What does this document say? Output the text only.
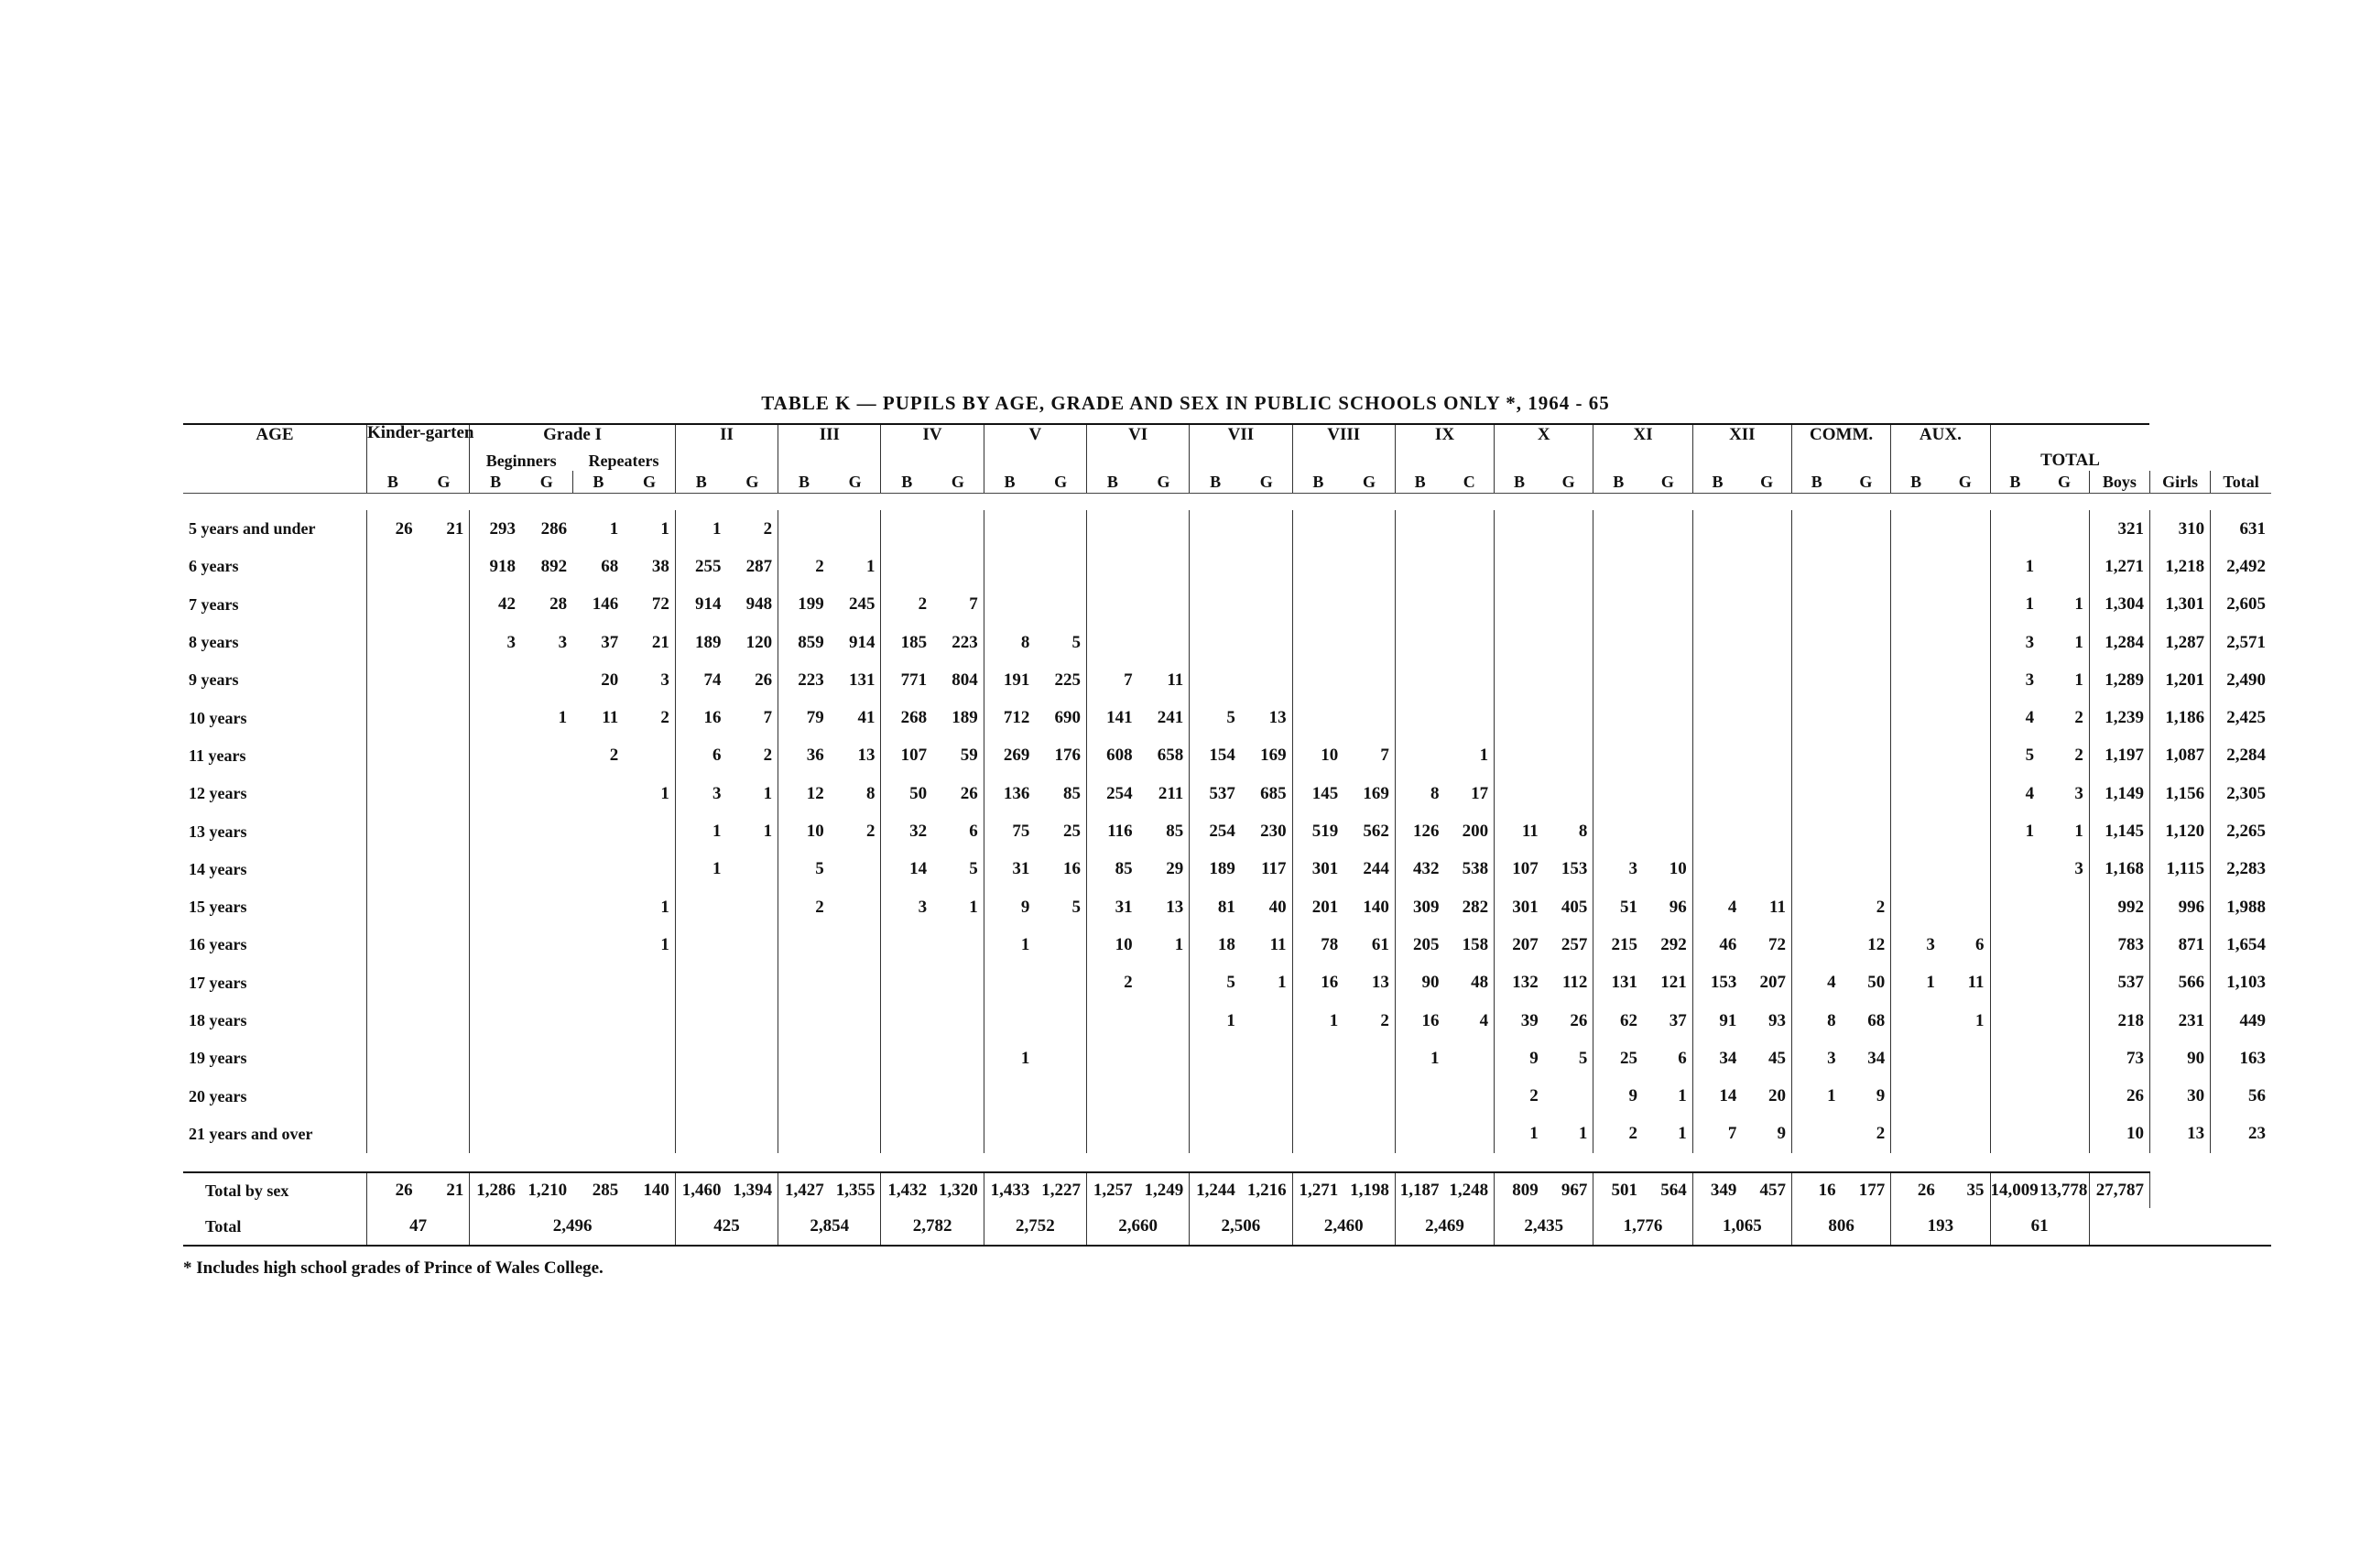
TABLE K — PUPILS BY AGE, GRADE AND SEX IN PUBLIC SCHOOLS ONLY *, 1964 - 65
AGE	Kinder-garten		Grade I				II		III		IV		V		VI		VII		VIII		IX		X		XI		XII		COMM.		AUX.		TOTAL				
			Beginners		Repeaters																																
	B	G	B	G	B	G	B	G	B	G	B	G	B	G	B	G	B	G	B	G	B	C	B	G	B	G	B	G	B	G	B	G	B	G	Boys	Girls	Total

5 years and under	26	21	293	286	1	1	1	2																											321	310	631
6 years			918	892	68	38	255	287	2	1																							1		1,271	1,218	2,492
7 years			42	28	146	72	914	948	199	245	2	7																					1	1	1,304	1,301	2,605
8 years			3	3	37	21	189	120	859	914	185	223	8	5																			3	1	1,284	1,287	2,571
9 years					20	3	74	26	223	131	771	804	191	225	7	11																	3	1	1,289	1,201	2,490
10 years				1	11	2	16	7	79	41	268	189	712	690	141	241	5	13															4	2	1,239	1,186	2,425
11 years					2		6	2	36	13	107	59	269	176	608	658	154	169	10	7		1											5	2	1,197	1,087	2,284
12 years						1	3	1	12	8	50	26	136	85	254	211	537	685	145	169	8	17											4	3	1,149	1,156	2,305
13 years							1	1	10	2	32	6	75	25	116	85	254	230	519	562	126	200	11	8									1	1	1,145	1,120	2,265
14 years							1		5		14	5	31	16	85	29	189	117	301	244	432	538	107	153	3	10								3	1,168	1,115	2,283
15 years						1			2		3	1	9	5	31	13	81	40	201	140	309	282	301	405	51	96	4	11		2					992	996	1,988
16 years						1							1		10	1	18	11	78	61	205	158	207	257	215	292	46	72		12	3	6			783	871	1,654
17 years															2		5	1	16	13	90	48	132	112	131	121	153	207	4	50	1	11			537	566	1,103
18 years																	1		1	2	16	4	39	26	62	37	91	93	8	68		1			218	231	449
19 years													1								1		9	5	25	6	34	45	3	34					73	90	163
20 years																							2		9	1	14	20	1	9					26	30	56
21 years and over																							1	1	2	1	7	9		2					10	13	23

Total by sex	26	21	1,286	1,210	285	140	1,460	1,394	1,427	1,355	1,432	1,320	1,433	1,227	1,257	1,249	1,244	1,216	1,271	1,198	1,187	1,248	809	967	501	564	349	457	16	177	26	35	14,009	13,778	27,787		
Total	47		2,496				425		2,854		2,782		2,752		2,660		2,506		2,460		2,469		2,435		1,776		1,065		806		193		61				
* Includes high school grades of Prince of Wales College.
